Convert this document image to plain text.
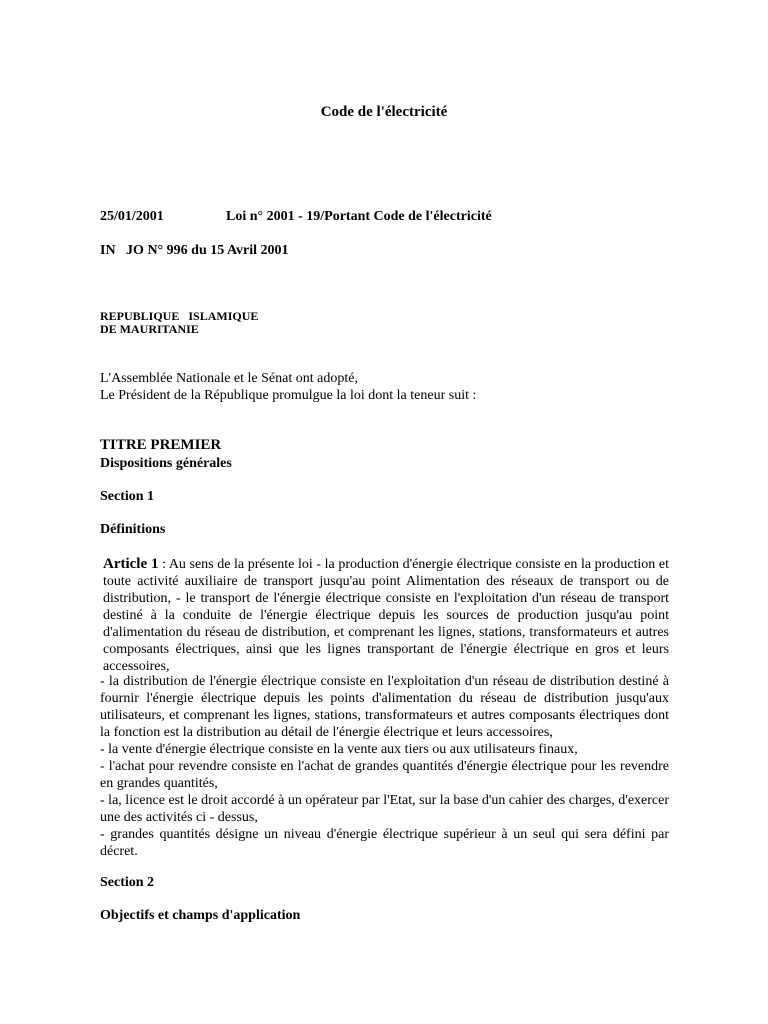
Code de l'électricité
25/01/2001	Loi n° 2001 - 19/Portant Code de l'électricité
IN   JO N° 996 du 15 Avril 2001
REPUBLIQUE   ISLAMIQUE
DE MAURITANIE
L'Assemblée Nationale et le Sénat ont adopté,
Le Président de la République promulgue la loi dont la teneur suit :
TITRE PREMIER
Dispositions générales
Section 1
Définitions
Article 1 : Au sens de la présente loi - la production d'énergie électrique consiste en la production et toute activité auxiliaire de transport jusqu'au point Alimentation des réseaux de transport ou de distribution, - le transport de l'énergie électrique consiste en l'exploitation d'un réseau de transport destiné à la conduite de l'énergie électrique depuis les sources de production jusqu'au point d'alimentation du réseau de distribution, et comprenant les lignes, stations, transformateurs et autres composants électriques, ainsi que les lignes transportant de l'énergie électrique en gros et leurs accessoires,
- la distribution de l'énergie électrique consiste en l'exploitation d'un réseau de distribution destiné à fournir l'énergie électrique depuis les points d'alimentation du réseau de distribution jusqu'aux utilisateurs, et comprenant les lignes, stations, transformateurs et autres composants électriques dont la fonction est la distribution au détail de l'énergie électrique et leurs accessoires,
- la vente d'énergie électrique consiste en la vente aux tiers ou aux utilisateurs finaux,
- l'achat pour revendre consiste en l'achat de grandes quantités d'énergie électrique pour les revendre en grandes quantités,
- la, licence est le droit accordé à un opérateur par l'Etat, sur la base d'un cahier des charges, d'exercer une des activités ci - dessus,
- grandes quantités désigne un niveau d'énergie électrique supérieur à un seul qui sera défini par décret.
Section 2
Objectifs et champs d'application
